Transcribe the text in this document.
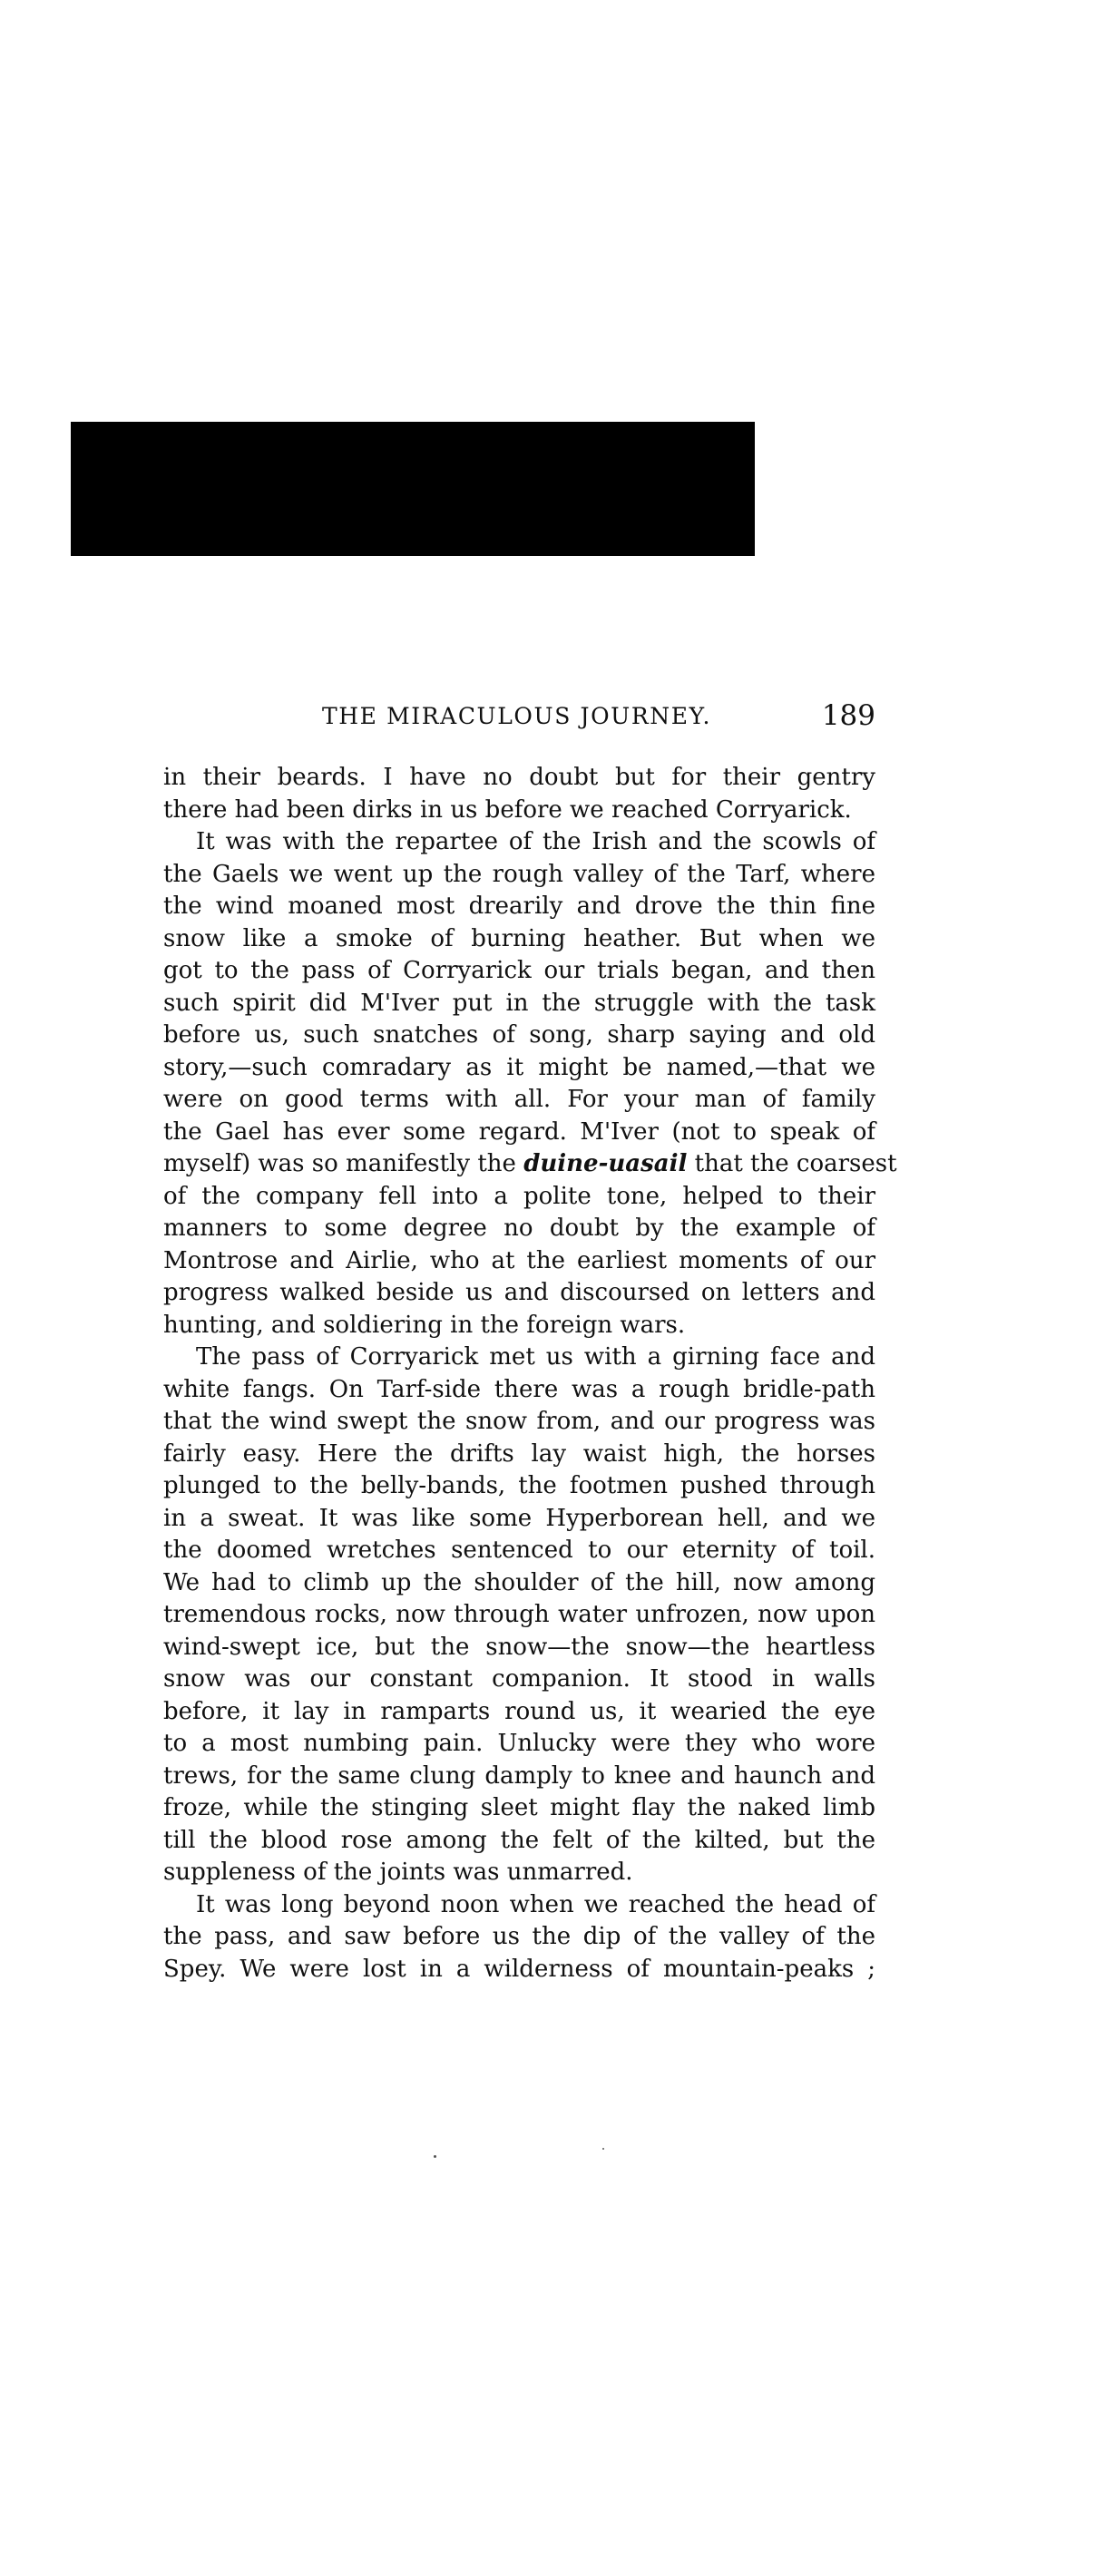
THE MIRACULOUS JOURNEY.	189
in their beards. I have no doubt but for their gentry
there had been dirks in us before we reached Corryarick.
It was with the repartee of the Irish and the scowls of
the Gaels we went up the rough valley of the Tarf, where
the wind moaned most drearily and drove the thin fine
snow like a smoke of burning heather. But when we
got to the pass of Corryarick our trials began, and then
such spirit did M'Iver put in the struggle with the task
before us, such snatches of song, sharp saying and old
story,—such comradary as it might be named,—that we
were on good terms with all. For your man of family
the Gael has ever some regard. M'Iver (not to speak of
myself) was so manifestly the duine-uasail that the coarsest
of the company fell into a polite tone, helped to their
manners to some degree no doubt by the example of
Montrose and Airlie, who at the earliest moments of our
progress walked beside us and discoursed on letters and
hunting, and soldiering in the foreign wars.
The pass of Corryarick met us with a girning face and
white fangs. On Tarf-side there was a rough bridle-path
that the wind swept the snow from, and our progress was
fairly easy. Here the drifts lay waist high, the horses
plunged to the belly-bands, the footmen pushed through
in a sweat. It was like some Hyperborean hell, and we
the doomed wretches sentenced to our eternity of toil.
We had to climb up the shoulder of the hill, now among
tremendous rocks, now through water unfrozen, now upon
wind-swept ice, but the snow—the snow—the heartless
snow was our constant companion. It stood in walls
before, it lay in ramparts round us, it wearied the eye
to a most numbing pain. Unlucky were they who wore
trews, for the same clung damply to knee and haunch and
froze, while the stinging sleet might flay the naked limb
till the blood rose among the felt of the kilted, but the
suppleness of the joints was unmarred.
It was long beyond noon when we reached the head of
the pass, and saw before us the dip of the valley of the
Spey. We were lost in a wilderness of mountain-peaks ;
